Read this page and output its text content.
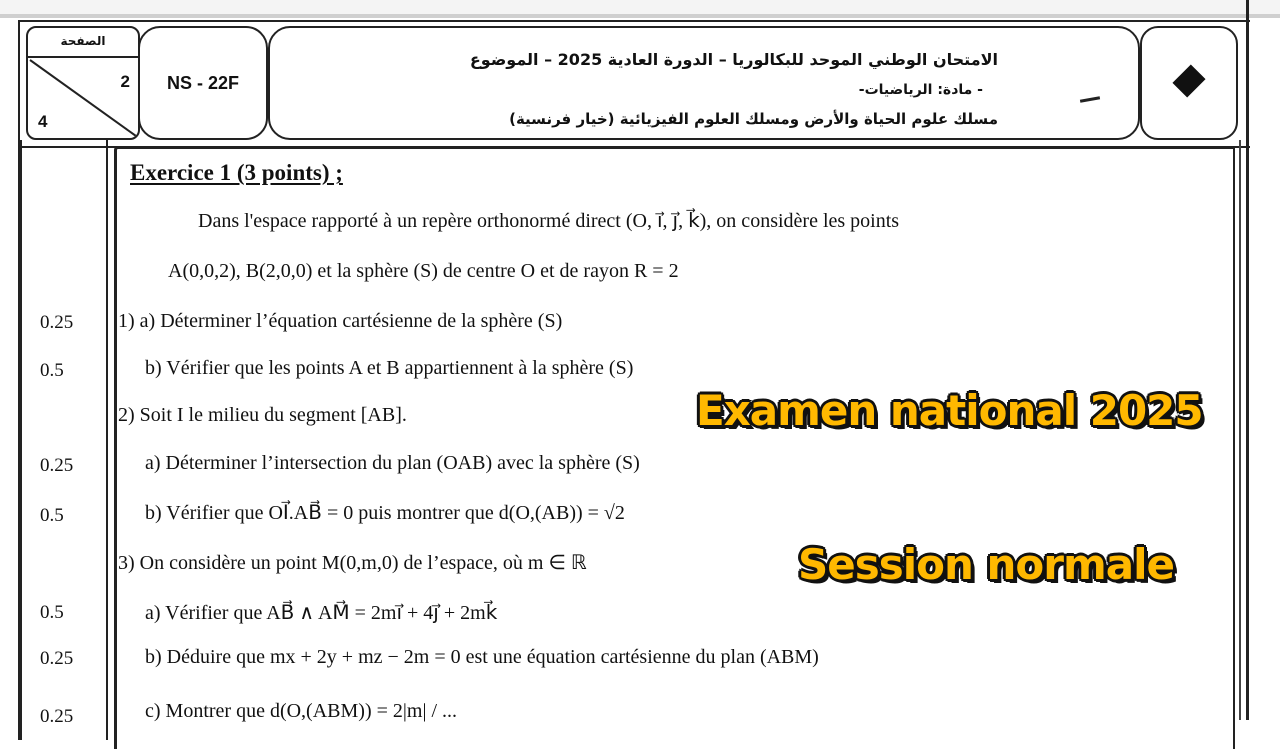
الصفحة
2
4
NS - 22F
الامتحان الوطني الموحد للبكالوريا – الدورة العادية 2025 – الموضوع
- مادة: الرياضيات-
مسلك علوم الحياة والأرض ومسلك العلوم الفيزيائية (خيار فرنسية)
Exercice 1 (3 points) ;
Dans l'espace rapporté à un repère orthonormé direct (O, i⃗, j⃗, k⃗), on considère les points
A(0,0,2), B(2,0,0) et la sphère (S) de centre O et de rayon R = 2
0.25 1) a) Déterminer l’équation cartésienne de la sphère (S)
0.5	b) Vérifier que les points A et B appartiennent à la sphère (S)
2) Soit I le milieu du segment [AB].
0.25	a) Déterminer l’intersection du plan (OAB) avec la sphère (S)
0.5	b) Vérifier que OI⃗.AB⃗ = 0 puis montrer que d(O,(AB)) = √2
3) On considère un point M(0,m,0) de l’espace, où m ∈ ℝ
0.5	a) Vérifier que AB⃗ ∧ AM⃗ = 2mi⃗ + 4j⃗ + 2mk⃗
0.25	b) Déduire que mx + 2y + mz − 2m = 0 est une équation cartésienne du plan (ABM)
0.25	c) Montrer que d(O,(ABM)) = 2|m| / ...
Examen national 2025
Session normale
